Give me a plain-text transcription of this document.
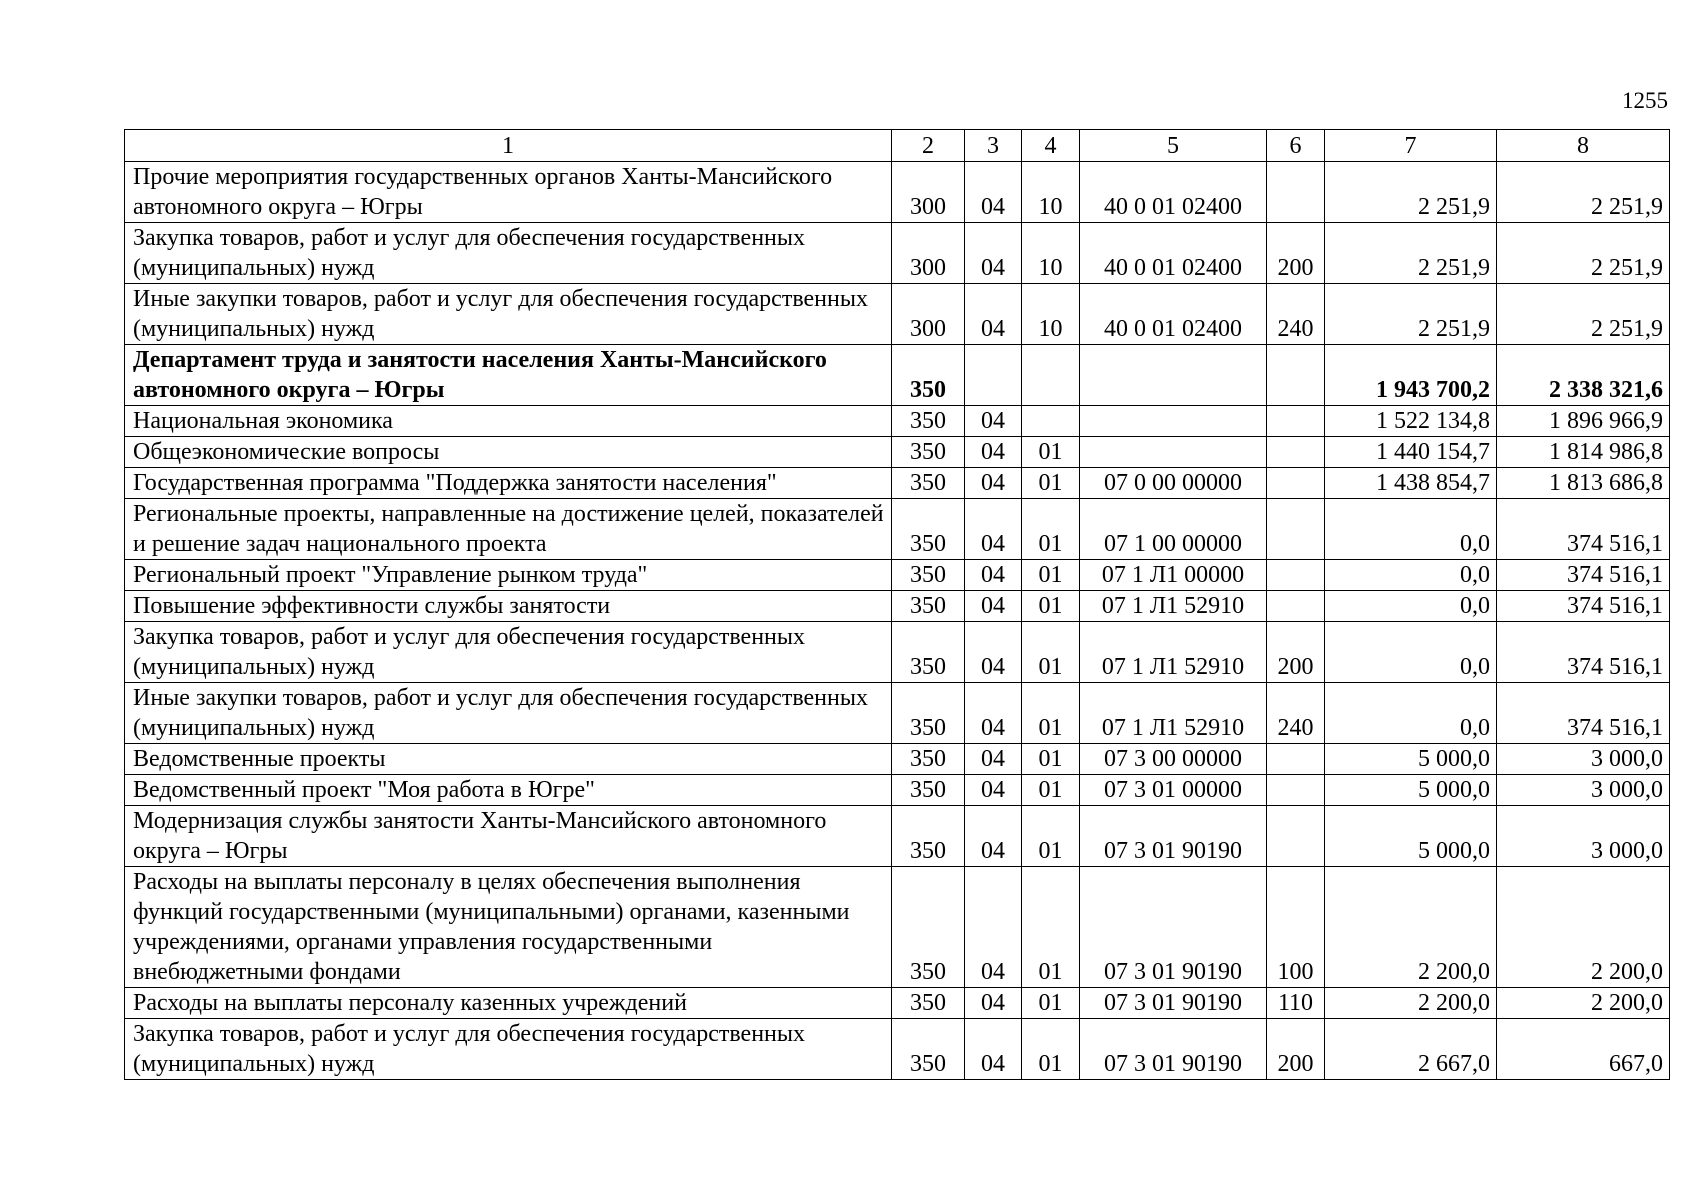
1255
1	2	3	4	5	6	7	8
Прочие мероприятия государственных органов Ханты-Мансийского автономного округа – Югры	300	04	10	40 0 01 02400		2 251,9	2 251,9
Закупка товаров, работ и услуг для обеспечения государственных (муниципальных) нужд	300	04	10	40 0 01 02400	200	2 251,9	2 251,9
Иные закупки товаров, работ и услуг для обеспечения государственных (муниципальных) нужд	300	04	10	40 0 01 02400	240	2 251,9	2 251,9
Департамент труда и занятости населения Ханты-Мансийского автономного округа – Югры	350					1 943 700,2	2 338 321,6
Национальная экономика	350	04				1 522 134,8	1 896 966,9
Общеэкономические вопросы	350	04	01			1 440 154,7	1 814 986,8
Государственная программа "Поддержка занятости населения"	350	04	01	07 0 00 00000		1 438 854,7	1 813 686,8
Региональные проекты, направленные на достижение целей, показателей и решение задач национального проекта	350	04	01	07 1 00 00000		0,0	374 516,1
Региональный проект "Управление рынком труда"	350	04	01	07 1 Л1 00000		0,0	374 516,1
Повышение эффективности службы занятости	350	04	01	07 1 Л1 52910		0,0	374 516,1
Закупка товаров, работ и услуг для обеспечения государственных (муниципальных) нужд	350	04	01	07 1 Л1 52910	200	0,0	374 516,1
Иные закупки товаров, работ и услуг для обеспечения государственных (муниципальных) нужд	350	04	01	07 1 Л1 52910	240	0,0	374 516,1
Ведомственные проекты	350	04	01	07 3 00 00000		5 000,0	3 000,0
Ведомственный проект "Моя работа в Югре"	350	04	01	07 3 01 00000		5 000,0	3 000,0
Модернизация службы занятости Ханты-Мансийского автономного округа – Югры	350	04	01	07 3 01 90190		5 000,0	3 000,0
Расходы на выплаты персоналу в целях обеспечения выполнения функций государственными (муниципальными) органами, казенными учреждениями, органами управления государственными внебюджетными фондами	350	04	01	07 3 01 90190	100	2 200,0	2 200,0
Расходы на выплаты персоналу казенных учреждений	350	04	01	07 3 01 90190	110	2 200,0	2 200,0
Закупка товаров, работ и услуг для обеспечения государственных (муниципальных) нужд	350	04	01	07 3 01 90190	200	2 667,0	667,0
